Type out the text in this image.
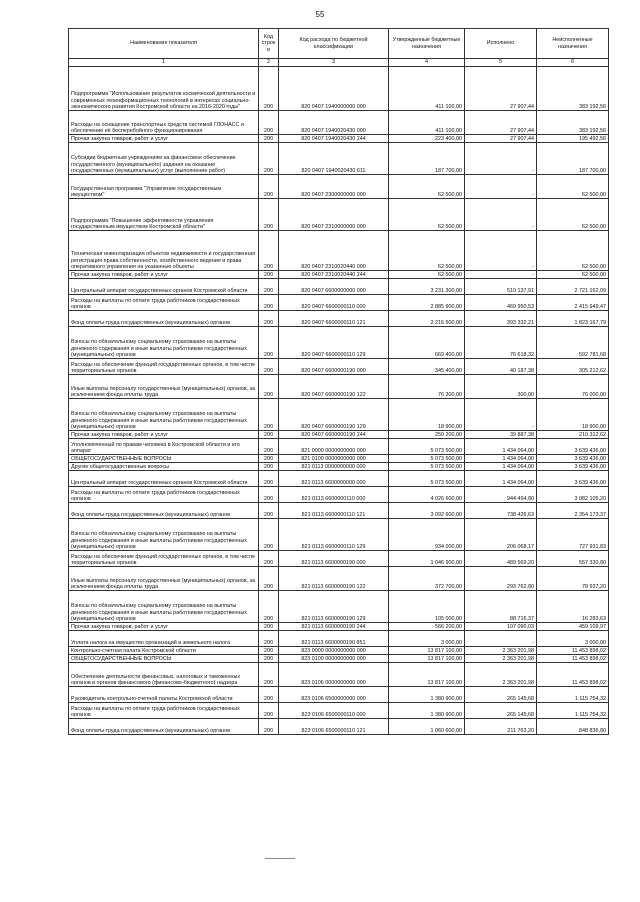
55
Наименование показателя	Код строк и	Код расхода по бюджетной классификации	Утвержденные бюджетные назначения	Исполнено	Неисполненные назначения
1	2	3	4	5	6
Подпрограмма "Использование результатов космической деятельности и современных геоинформационных технологий в интересах социально-экономического развития Костромской области на 2016-2020 годы"	200	820 0407 1940000000 000	411 100,00	27 907,44	383 192,56
Расходы на оснащение транспортных средств системой ГЛОНАСС и обеспечение её бесперебойного функционирования	200	820 0407 1940020430 000	411 100,00	27 907,44	383 192,56
Прочая закупка товаров, работ и услуг	200	820 0407 1940020430 244	223 400,00	27 907,44	195 492,56
Субсидии бюджетным учреждениям на финансовое обеспечение государственного (муниципального) задания на оказание государственных (муниципальных) услуг (выполнение работ)	200	820 0407 1940020430 611	187 700,00	-	187 700,00
Государственная программа "Управление государственным имуществом"	200	820 0407 2300000000 000	62 500,00	-	62 500,00
Подпрограмма "Повышение эффективности управления государственным имуществом Костромской области"	200	820 0407 2310000000 000	62 500,00	-	62 500,00
Техническая инвентаризация объектов недвижимости и государственная регистрация права собственности, хозяйственного ведения и права оперативного управления на указанные объекты	200	820 0407 2310020440 000	62 500,00	-	62 500,00
Прочая закупка товаров, работ и услуг	200	820 0407 2310020440 244	62 500,00	-	62 500,00
Центральный аппарат государственных органов Костромской области	200	820 0407 6600000000 000	3 231 300,00	510 137,91	2 721 162,09
Расходы на выплаты по оплате труда работников государственных органов	200	820 0407 6600000110 000	2 885 900,00	469 950,53	2 415 949,47
Фонд оплаты труда государственных (муниципальных) органов	200	820 0407 6600000110 121	2 216 500,00	393 332,21	1 823 167,79
Взносы по обязательному социальному страхованию на выплаты денежного содержания и иные выплаты работникам государственных (муниципальных) органов	200	820 0407 6600000110 129	669 400,00	76 618,32	592 781,68
Расходы на обеспечение функций государственных органов, в том числе территориальных органов	200	820 0407 6600000190 000	345 400,00	40 187,38	305 212,62
Иные выплаты персоналу государственных (муниципальных) органов, за исключением фонда оплаты труда	200	820 0407 6600000190 122	76 300,00	300,00	76 000,00
Взносы по обязательному социальному страхованию на выплаты денежного содержания и иные выплаты работникам государственных (муниципальных) органов	200	820 0407 6600000190 129	18 900,00	-	18 900,00
Прочая закупка товаров, работ и услуг	200	820 0407 6600000190 244	250 200,00	39 887,38	210 312,62
Уполномоченный по правам человека в Костромской области и его аппарат	200	821 0000 0000000000 000	5 073 500,00	1 434 064,00	3 639 436,00
ОБЩЕГОСУДАРСТВЕННЫЕ ВОПРОСЫ	200	821 0100 0000000000 000	5 073 500,00	1 434 064,00	3 639 436,00
Другие общегосударственные вопросы	200	821 0113 0000000000 000	5 073 500,00	1 434 064,00	3 639 436,00
Центральный аппарат государственных органов Костромской области	200	821 0113 6600000000 000	5 073 500,00	1 434 064,00	3 639 436,00
Расходы на выплаты по оплате труда работников государственных органов	200	821 0113 6600000110 000	4 026 600,00	944 494,80	3 082 105,20
Фонд оплаты труда государственных (муниципальных) органов	200	821 0113 6600000110 121	3 092 600,00	738 426,63	2 354 173,37
Взносы по обязательному социальному страхованию на выплаты денежного содержания и иные выплаты работникам государственных (муниципальных) органов	200	821 0113 6600000110 129	934 000,00	206 068,17	727 931,83
Расходы на обеспечение функций государственных органов, в том числе территориальных органов	200	821 0113 6600000190 000	1 046 900,00	489 569,20	557 330,80
Иные выплаты персоналу государственных (муниципальных) органов, за исключением фонда оплаты труда	200	821 0113 6600000190 122	372 700,00	293 762,80	78 937,20
Взносы по обязательному социальному страхованию на выплаты денежного содержания и иные выплаты работникам государственных (муниципальных) органов	200	821 0113 6600000190 129	105 000,00	88 716,37	16 283,63
Прочая закупка товаров, работ и услуг	200	821 0113 6600000190 244	566 200,00	107 090,03	459 109,97
Уплата налога на имущество организаций и земельного налога	200	821 0113 6600000190 851	3 000,00	-	3 000,00
Контрольно-счетная палата Костромской области	200	823 0000 0000000000 000	13 817 100,00	2 363 201,98	11 453 898,02
ОБЩЕГОСУДАРСТВЕННЫЕ ВОПРОСЫ	200	823 0100 0000000000 000	13 817 100,00	2 363 201,98	11 453 898,02
Обеспечение деятельности финансовых, налоговых и таможенных органов и органов финансового (финансово-бюджетного) надзора	200	823 0106 0000000000 000	13 817 100,00	2 363 201,98	11 453 898,02
Руководитель контрольно-счетной палаты Костромской области	200	823 0106 6500000000 000	1 380 900,00	265 145,68	1 115 754,32
Расходы на выплаты по оплате труда работников государственных органов	200	823 0106 6500000110 000	1 380 900,00	265 145,68	1 115 754,32
Фонд оплаты труда государственных (муниципальных) органов	200	823 0106 6500000110 121	1 060 600,00	211 763,20	848 836,80
